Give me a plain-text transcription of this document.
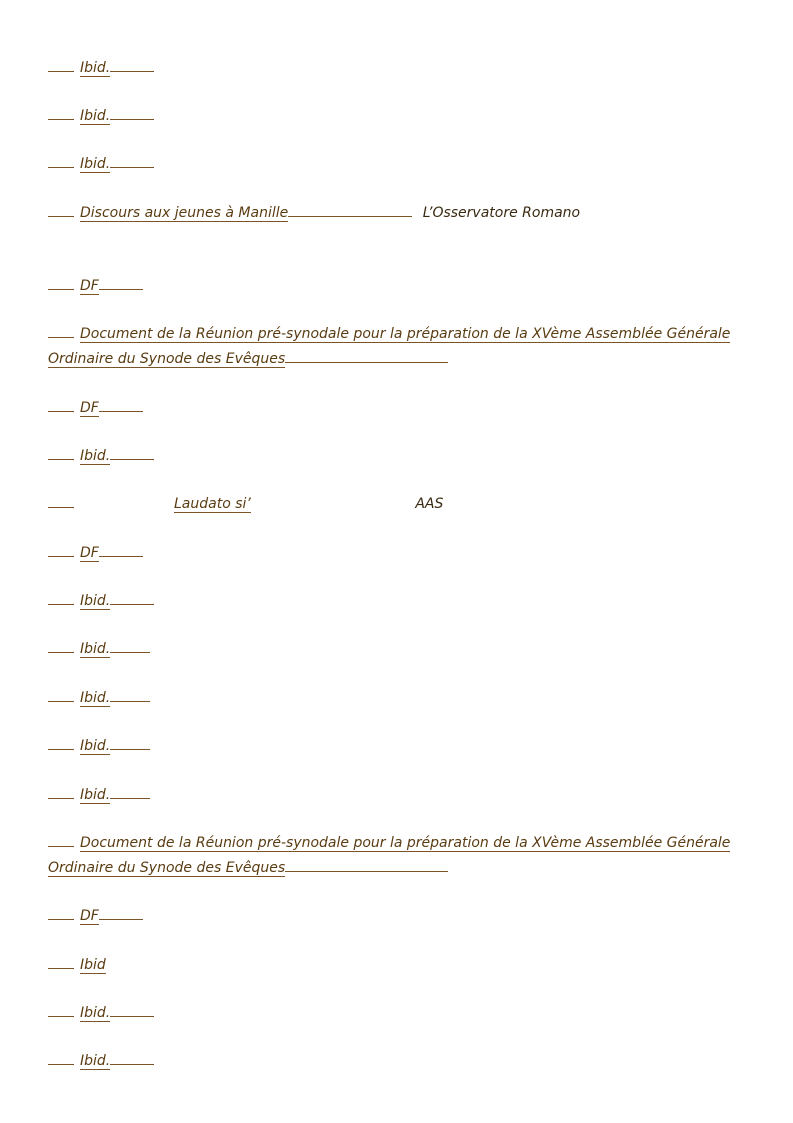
Ibid.
Ibid.
Ibid.
Discours aux jeunes à Manille	L’Osservatore Romano
DF
Document de la Réunion pré-synodale pour la préparation de la XVème Assemblée Générale
Ordinaire du Synode des Evêques
DF
Ibid.
Laudato si’	AAS
DF
Ibid.
Ibid.
Ibid.
Ibid.
Ibid.
Document de la Réunion pré-synodale pour la préparation de la XVème Assemblée Générale
Ordinaire du Synode des Evêques
DF
Ibid
Ibid.
Ibid.
